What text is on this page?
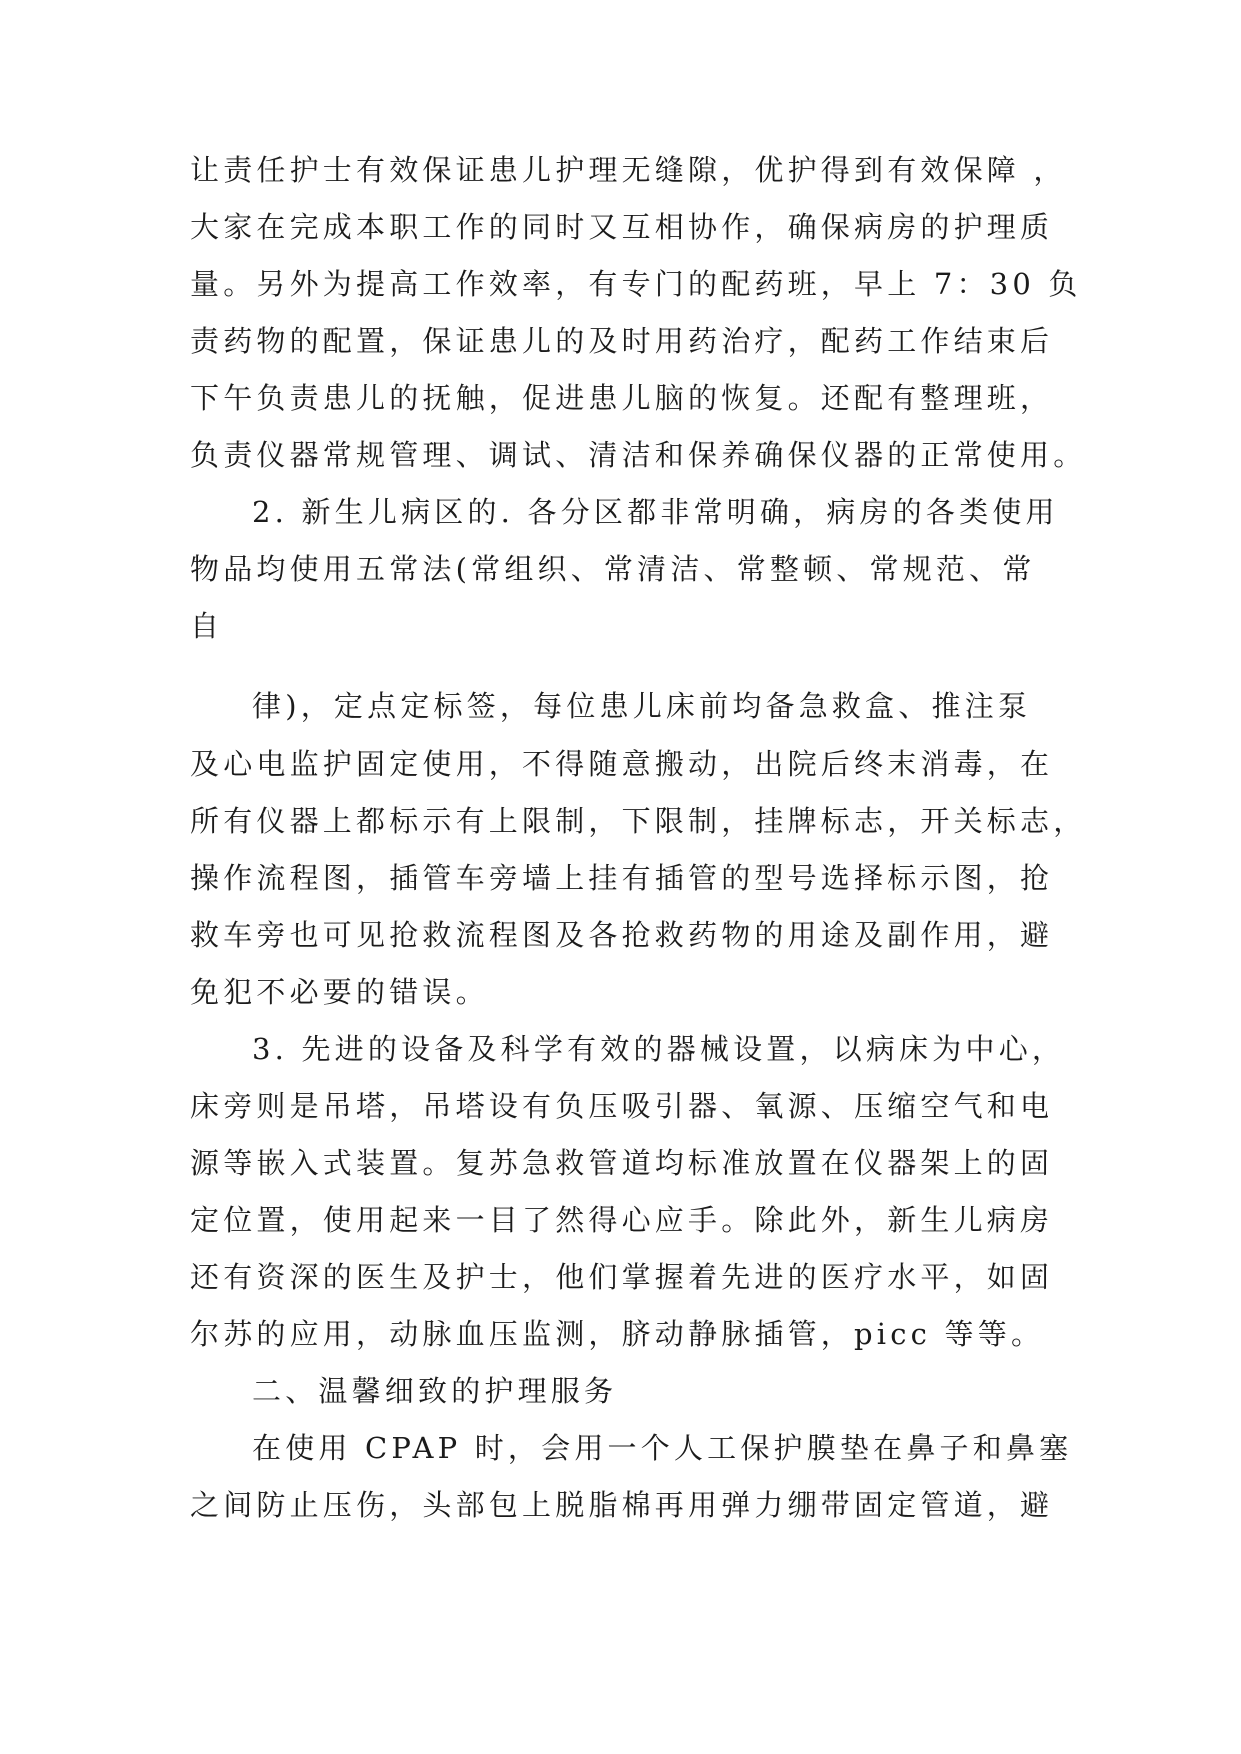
让责任护士有效保证患儿护理无缝隙，优护得到有效保障 ，
大家在完成本职工作的同时又互相协作，确保病房的护理质
量。另外为提高工作效率，有专门的配药班，早上 7：30 负
责药物的配置，保证患儿的及时用药治疗，配药工作结束后
下午负责患儿的抚触，促进患儿脑的恢复。还配有整理班，
负责仪器常规管理、调试、清洁和保养确保仪器的正常使用。
2. 新生儿病区的. 各分区都非常明确，病房的各类使用
物品均使用五常法(常组织、常清洁、常整顿、常规范、常
自
律)，定点定标签，每位患儿床前均备急救盒、推注泵
及心电监护固定使用，不得随意搬动，出院后终末消毒，在
所有仪器上都标示有上限制，下限制，挂牌标志，开关标志，
操作流程图，插管车旁墙上挂有插管的型号选择标示图，抢
救车旁也可见抢救流程图及各抢救药物的用途及副作用，避
免犯不必要的错误。
3. 先进的设备及科学有效的器械设置，以病床为中心，
床旁则是吊塔，吊塔设有负压吸引器、氧源、压缩空气和电
源等嵌入式装置。复苏急救管道均标准放置在仪器架上的固
定位置，使用起来一目了然得心应手。除此外，新生儿病房
还有资深的医生及护士，他们掌握着先进的医疗水平，如固
尔苏的应用，动脉血压监测，脐动静脉插管，picc 等等。
二、温馨细致的护理服务
在使用 CPAP 时，会用一个人工保护膜垫在鼻子和鼻塞
之间防止压伤，头部包上脱脂棉再用弹力绷带固定管道，避
